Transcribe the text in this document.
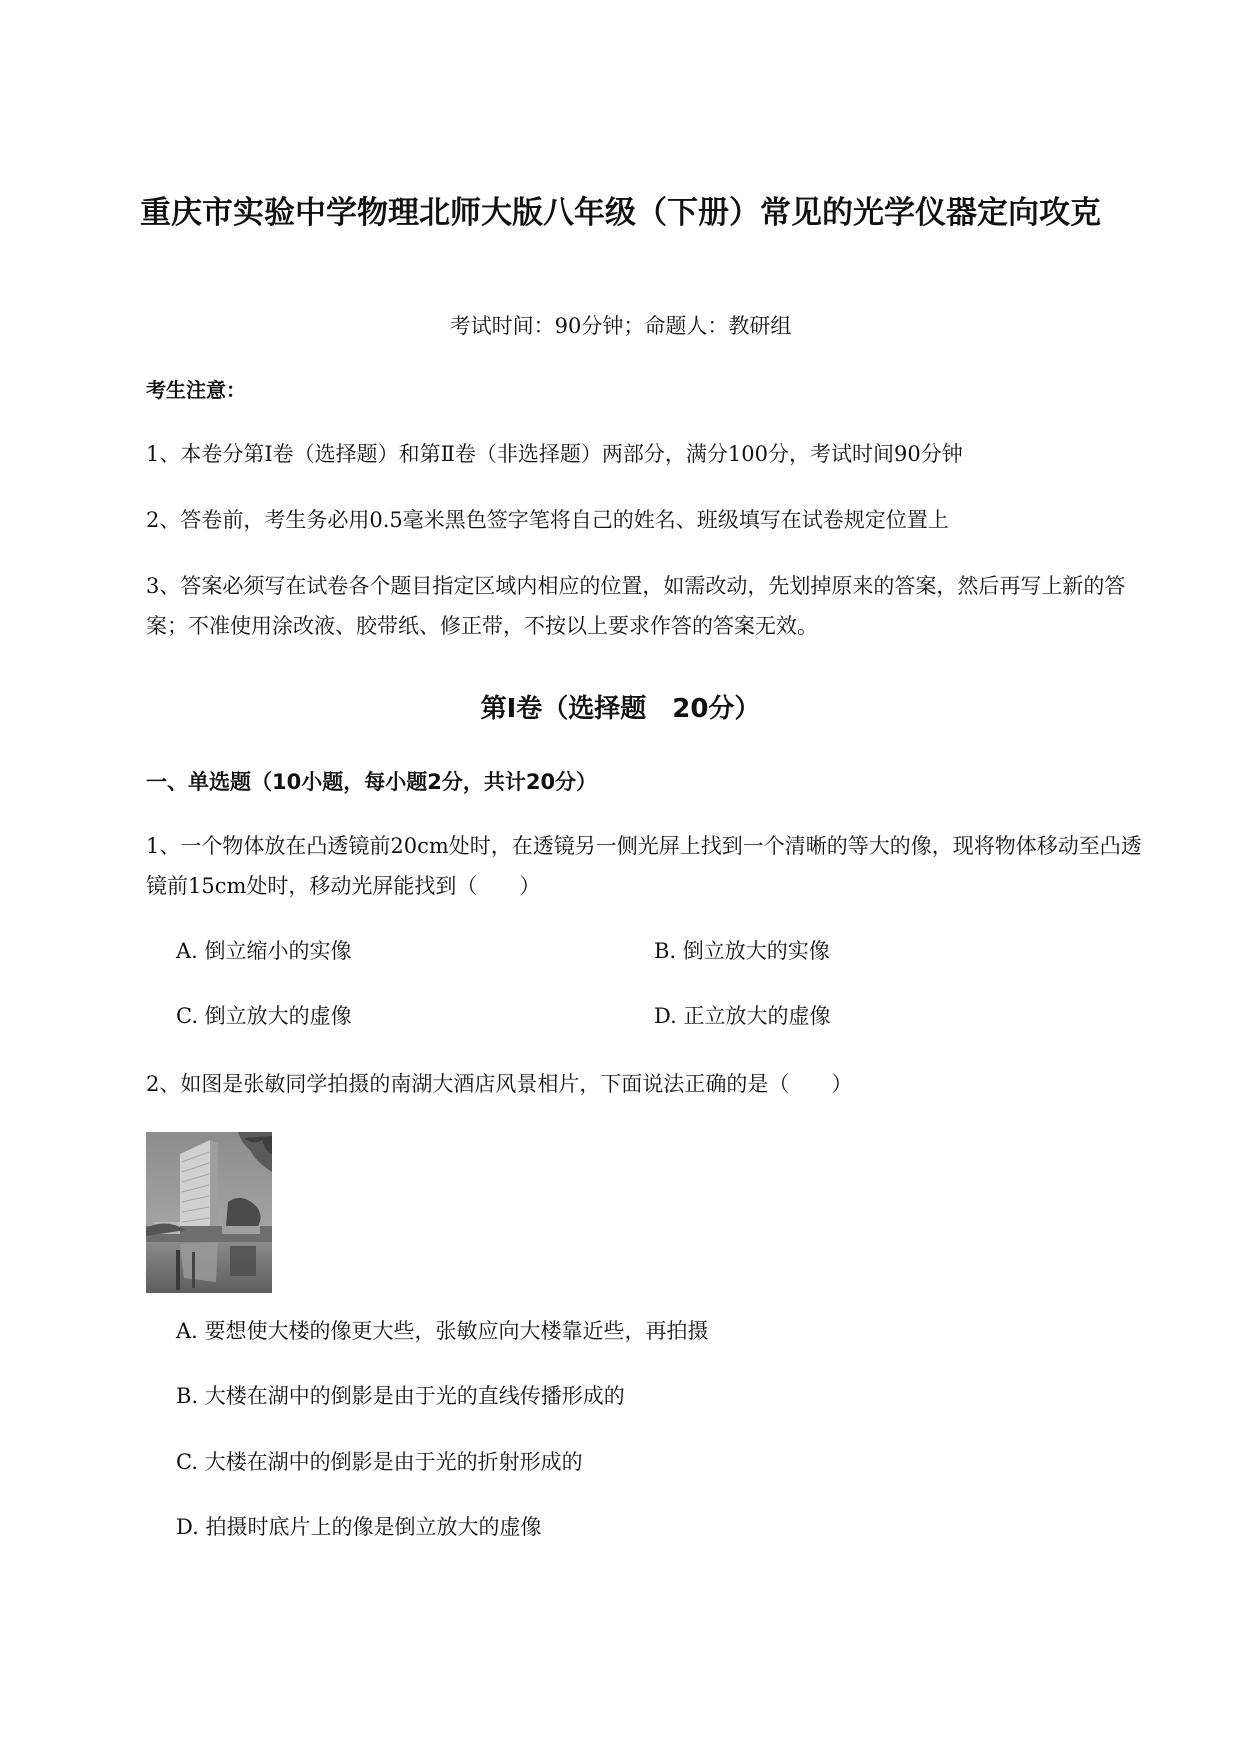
重庆市实验中学物理北师大版八年级（下册）常见的光学仪器定向攻克
考试时间：90分钟；命题人：教研组
考生注意：
1、本卷分第I卷（选择题）和第Ⅱ卷（非选择题）两部分，满分100分，考试时间90分钟
2、答卷前，考生务必用0.5毫米黑色签字笔将自己的姓名、班级填写在试卷规定位置上
3、答案必须写在试卷各个题目指定区域内相应的位置，如需改动，先划掉原来的答案，然后再写上新的答案；不准使用涂改液、胶带纸、修正带，不按以上要求作答的答案无效。
第I卷（选择题　20分）
一、单选题（10小题，每小题2分，共计20分）
1、一个物体放在凸透镜前20cm处时，在透镜另一侧光屏上找到一个清晰的等大的像，现将物体移动至凸透镜前15cm处时，移动光屏能找到（　　）
A. 倒立缩小的实像	B. 倒立放大的实像
C. 倒立放大的虚像	D. 正立放大的虚像
2、如图是张敏同学拍摄的南湖大酒店风景相片，下面说法正确的是（　　）
A. 要想使大楼的像更大些，张敏应向大楼靠近些，再拍摄
B. 大楼在湖中的倒影是由于光的直线传播形成的
C. 大楼在湖中的倒影是由于光的折射形成的
D. 拍摄时底片上的像是倒立放大的虚像
